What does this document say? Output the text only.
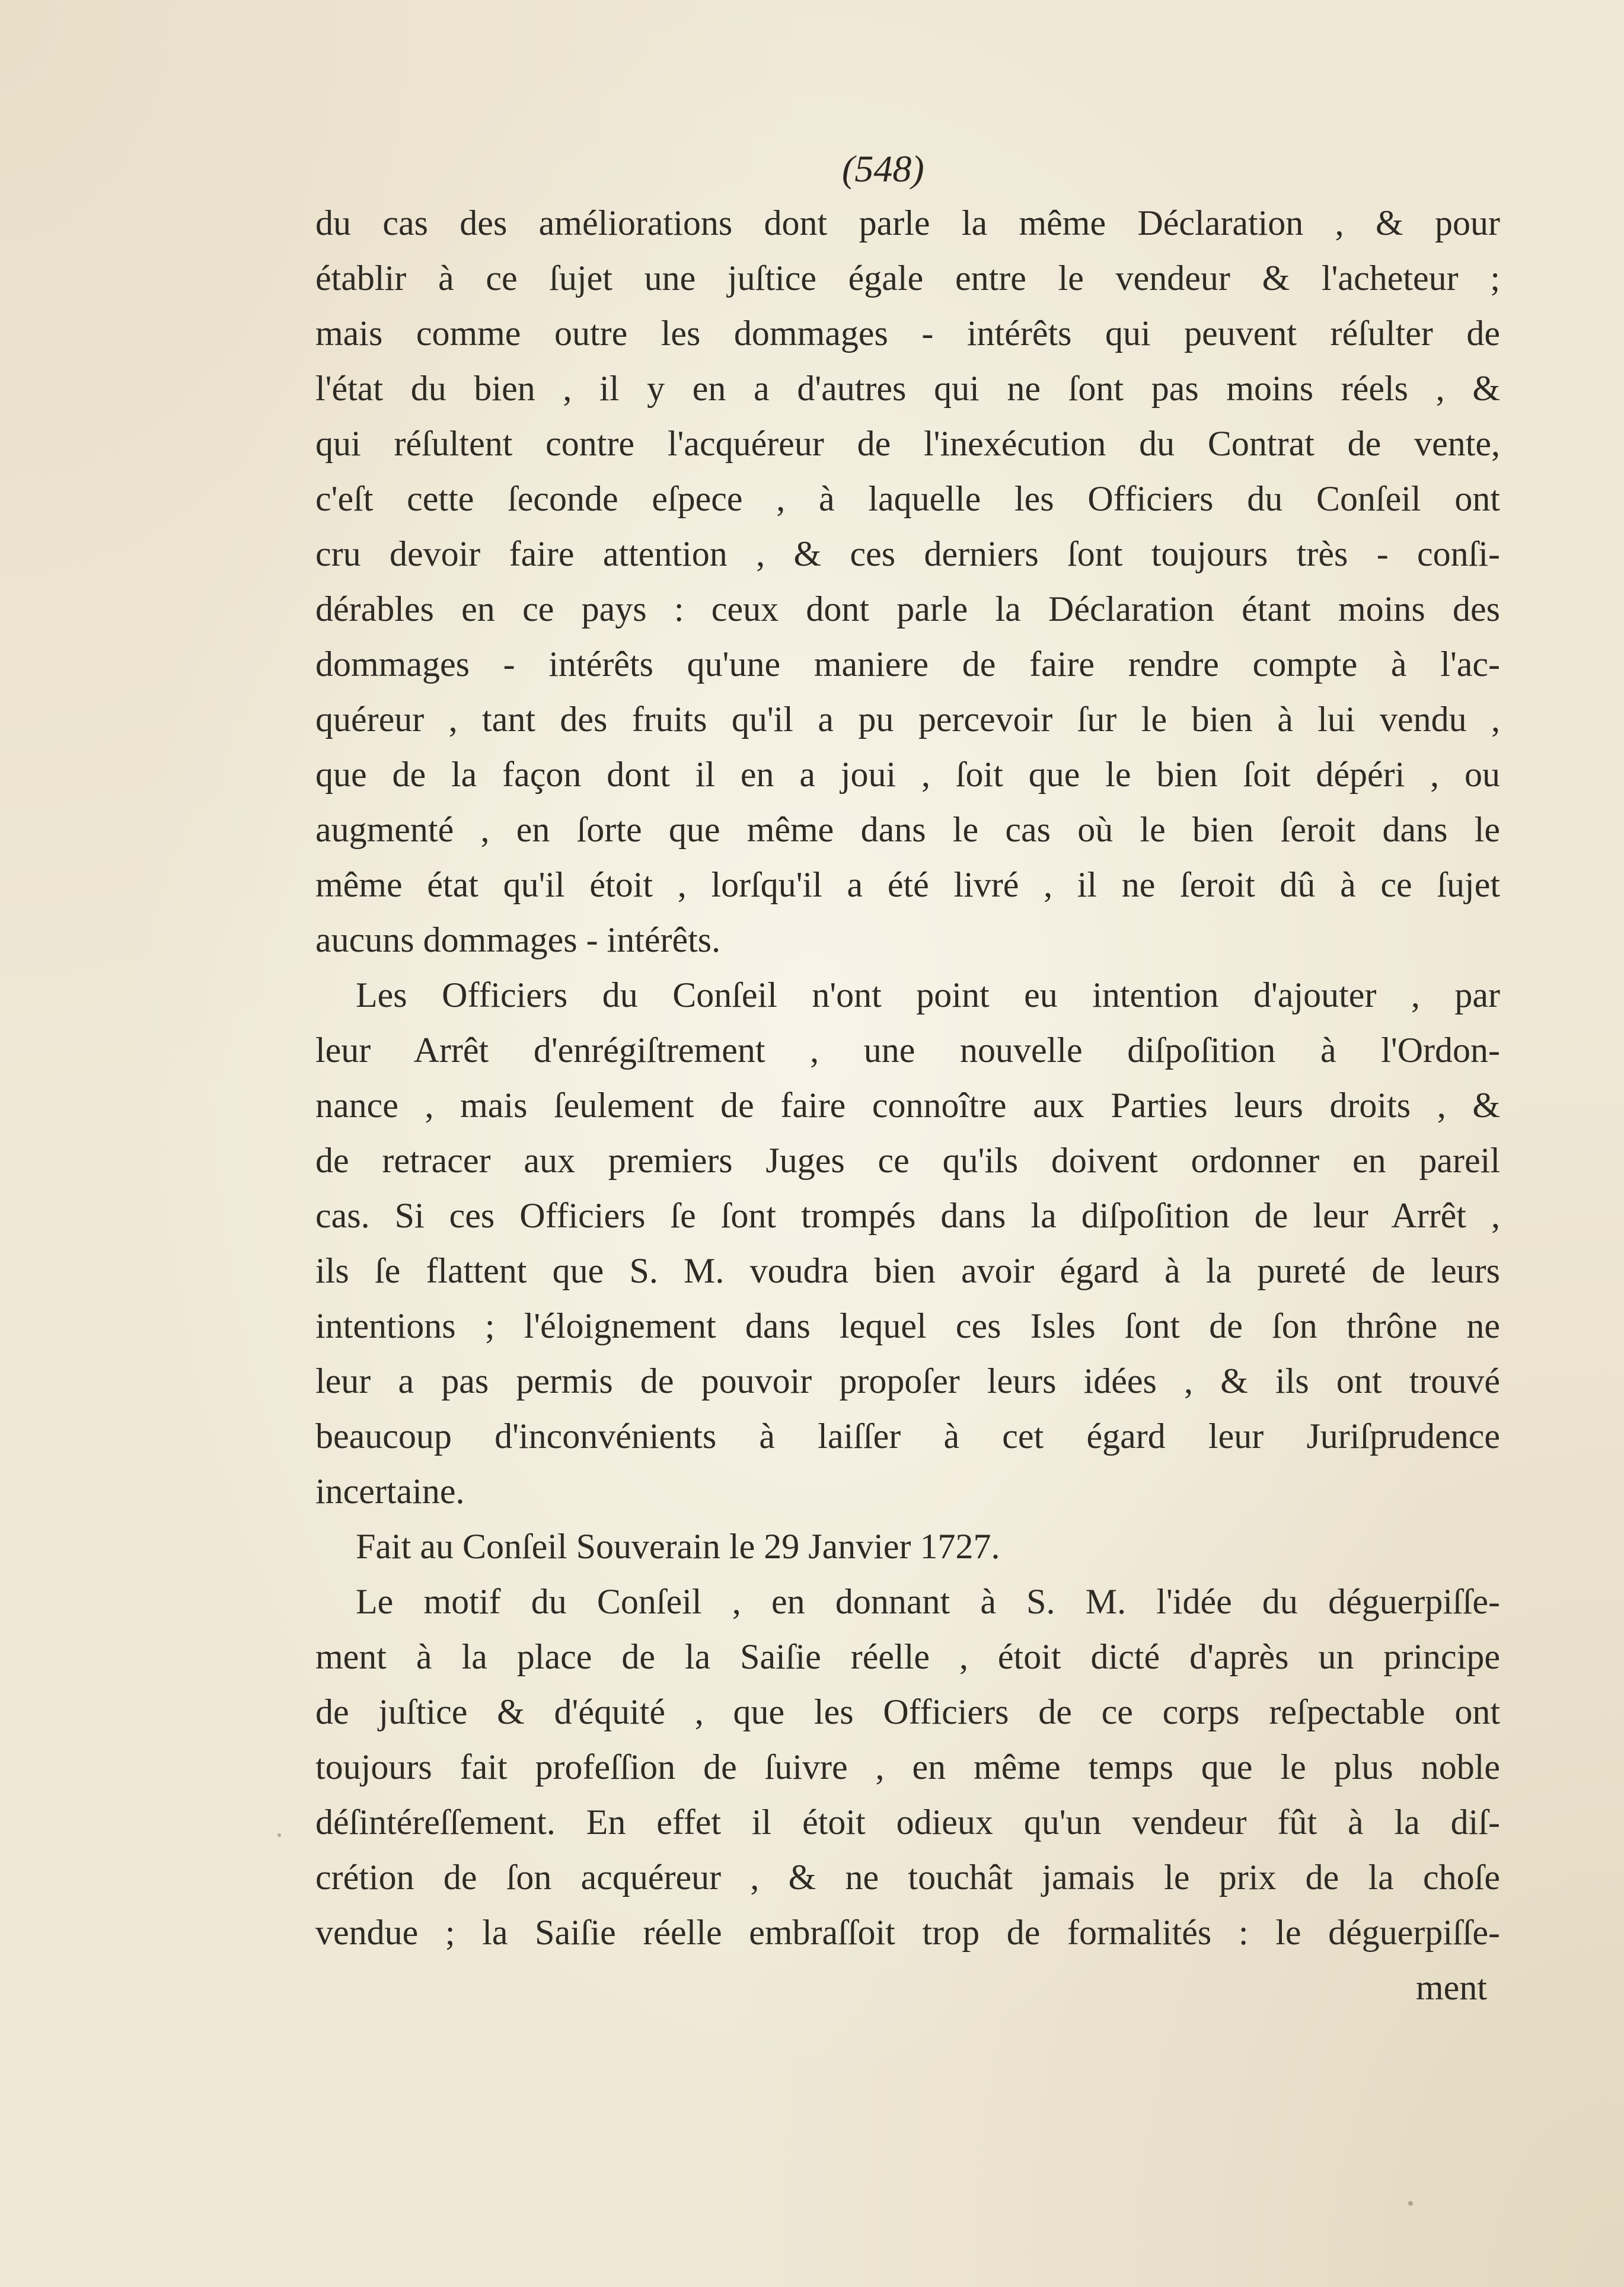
(548)
du cas des améliorations dont parle la même Déclaration , & pour
établir à ce ſujet une juſtice égale entre le vendeur & l'acheteur ;
mais comme outre les dommages - intérêts qui peuvent réſulter de
l'état du bien , il y en a d'autres qui ne ſont pas moins réels , &
qui réſultent contre l'acquéreur de l'inexécution du Contrat de vente,
c'eſt cette ſeconde eſpece , à laquelle les Officiers du Conſeil ont
cru devoir faire attention , & ces derniers ſont toujours très - conſi-
dérables en ce pays : ceux dont parle la Déclaration étant moins des
dommages - intérêts qu'une maniere de faire rendre compte à l'ac-
quéreur , tant des fruits qu'il a pu percevoir ſur le bien à lui vendu ,
que de la façon dont il en a joui , ſoit que le bien ſoit dépéri , ou
augmenté , en ſorte que même dans le cas où le bien ſeroit dans le
même état qu'il étoit , lorſqu'il a été livré , il ne ſeroit dû à ce ſujet
aucuns dommages - intérêts.
Les Officiers du Conſeil n'ont point eu intention d'ajouter , par
leur Arrêt d'enrégiſtrement , une nouvelle diſpoſition à l'Ordon-
nance , mais ſeulement de faire connoître aux Parties leurs droits , &
de retracer aux premiers Juges ce qu'ils doivent ordonner en pareil
cas. Si ces Officiers ſe ſont trompés dans la diſpoſition de leur Arrêt ,
ils ſe flattent que S. M. voudra bien avoir égard à la pureté de leurs
intentions ; l'éloignement dans lequel ces Isles ſont de ſon thrône ne
leur a pas permis de pouvoir propoſer leurs idées , & ils ont trouvé
beaucoup d'inconvénients à laiſſer à cet égard leur Juriſprudence
incertaine.
Fait au Conſeil Souverain le 29 Janvier 1727.
Le motif du Conſeil , en donnant à S. M. l'idée du déguerpiſſe-
ment à la place de la Saiſie réelle , étoit dicté d'après un principe
de juſtice & d'équité , que les Officiers de ce corps reſpectable ont
toujours fait profeſſion de ſuivre , en même temps que le plus noble
déſintéreſſement. En effet il étoit odieux qu'un vendeur fût à la diſ-
crétion de ſon acquéreur , & ne touchât jamais le prix de la choſe
vendue ; la Saiſie réelle embraſſoit trop de formalités : le déguerpiſſe-
ment
